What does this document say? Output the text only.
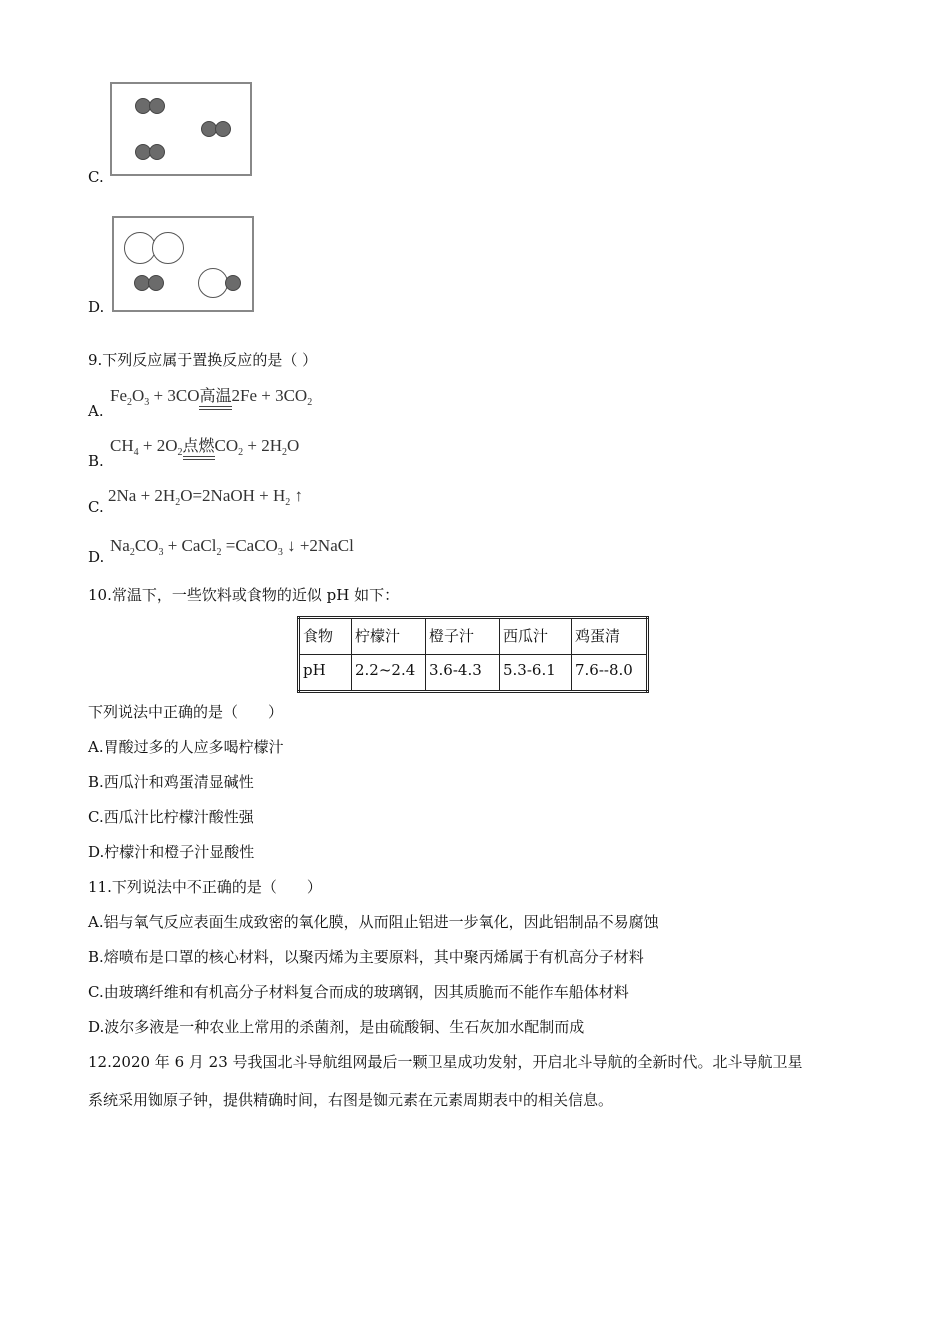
C.
D.
9.下列反应属于置换反应的是（ ）
A.
$Fe_2O_3 + 3CO$高温$2Fe + 3CO_2$
B.
$CH_4 + 2O_2$点燃$CO_2 + 2H_2O$
C.
$2Na + 2H_2O=2NaOH + H_2$ ↑
D.
$Na_2CO_3$ + CaCl$_2$ =CaCO$_3$ ↓ +2NaCl
10.常温下，一些饮料或食物的近似 pH 如下：
食物	柠檬汁	橙子汁	西瓜汁	鸡蛋清
pH	2.2~2.4	3.6-4.3	5.3-6.1	7.6--8.0
下列说法中正确的是（　　）
A.胃酸过多的人应多喝柠檬汁
B.西瓜汁和鸡蛋清显碱性
C.西瓜汁比柠檬汁酸性强
D.柠檬汁和橙子汁显酸性
11.下列说法中不正确的是（　　）
A.铝与氧气反应表面生成致密的氧化膜，从而阻止铝进一步氧化，因此铝制品不易腐蚀
B.熔喷布是口罩的核心材料，以聚丙烯为主要原料，其中聚丙烯属于有机高分子材料
C.由玻璃纤维和有机高分子材料复合而成的玻璃钢，因其质脆而不能作车船体材料
D.波尔多液是一种农业上常用的杀菌剂，是由硫酸铜、生石灰加水配制而成
12.2020 年 6 月 23 号我国北斗导航组网最后一颗卫星成功发射，开启北斗导航的全新时代。北斗导航卫星
系统采用铷原子钟，提供精确时间，右图是铷元素在元素周期表中的相关信息。
